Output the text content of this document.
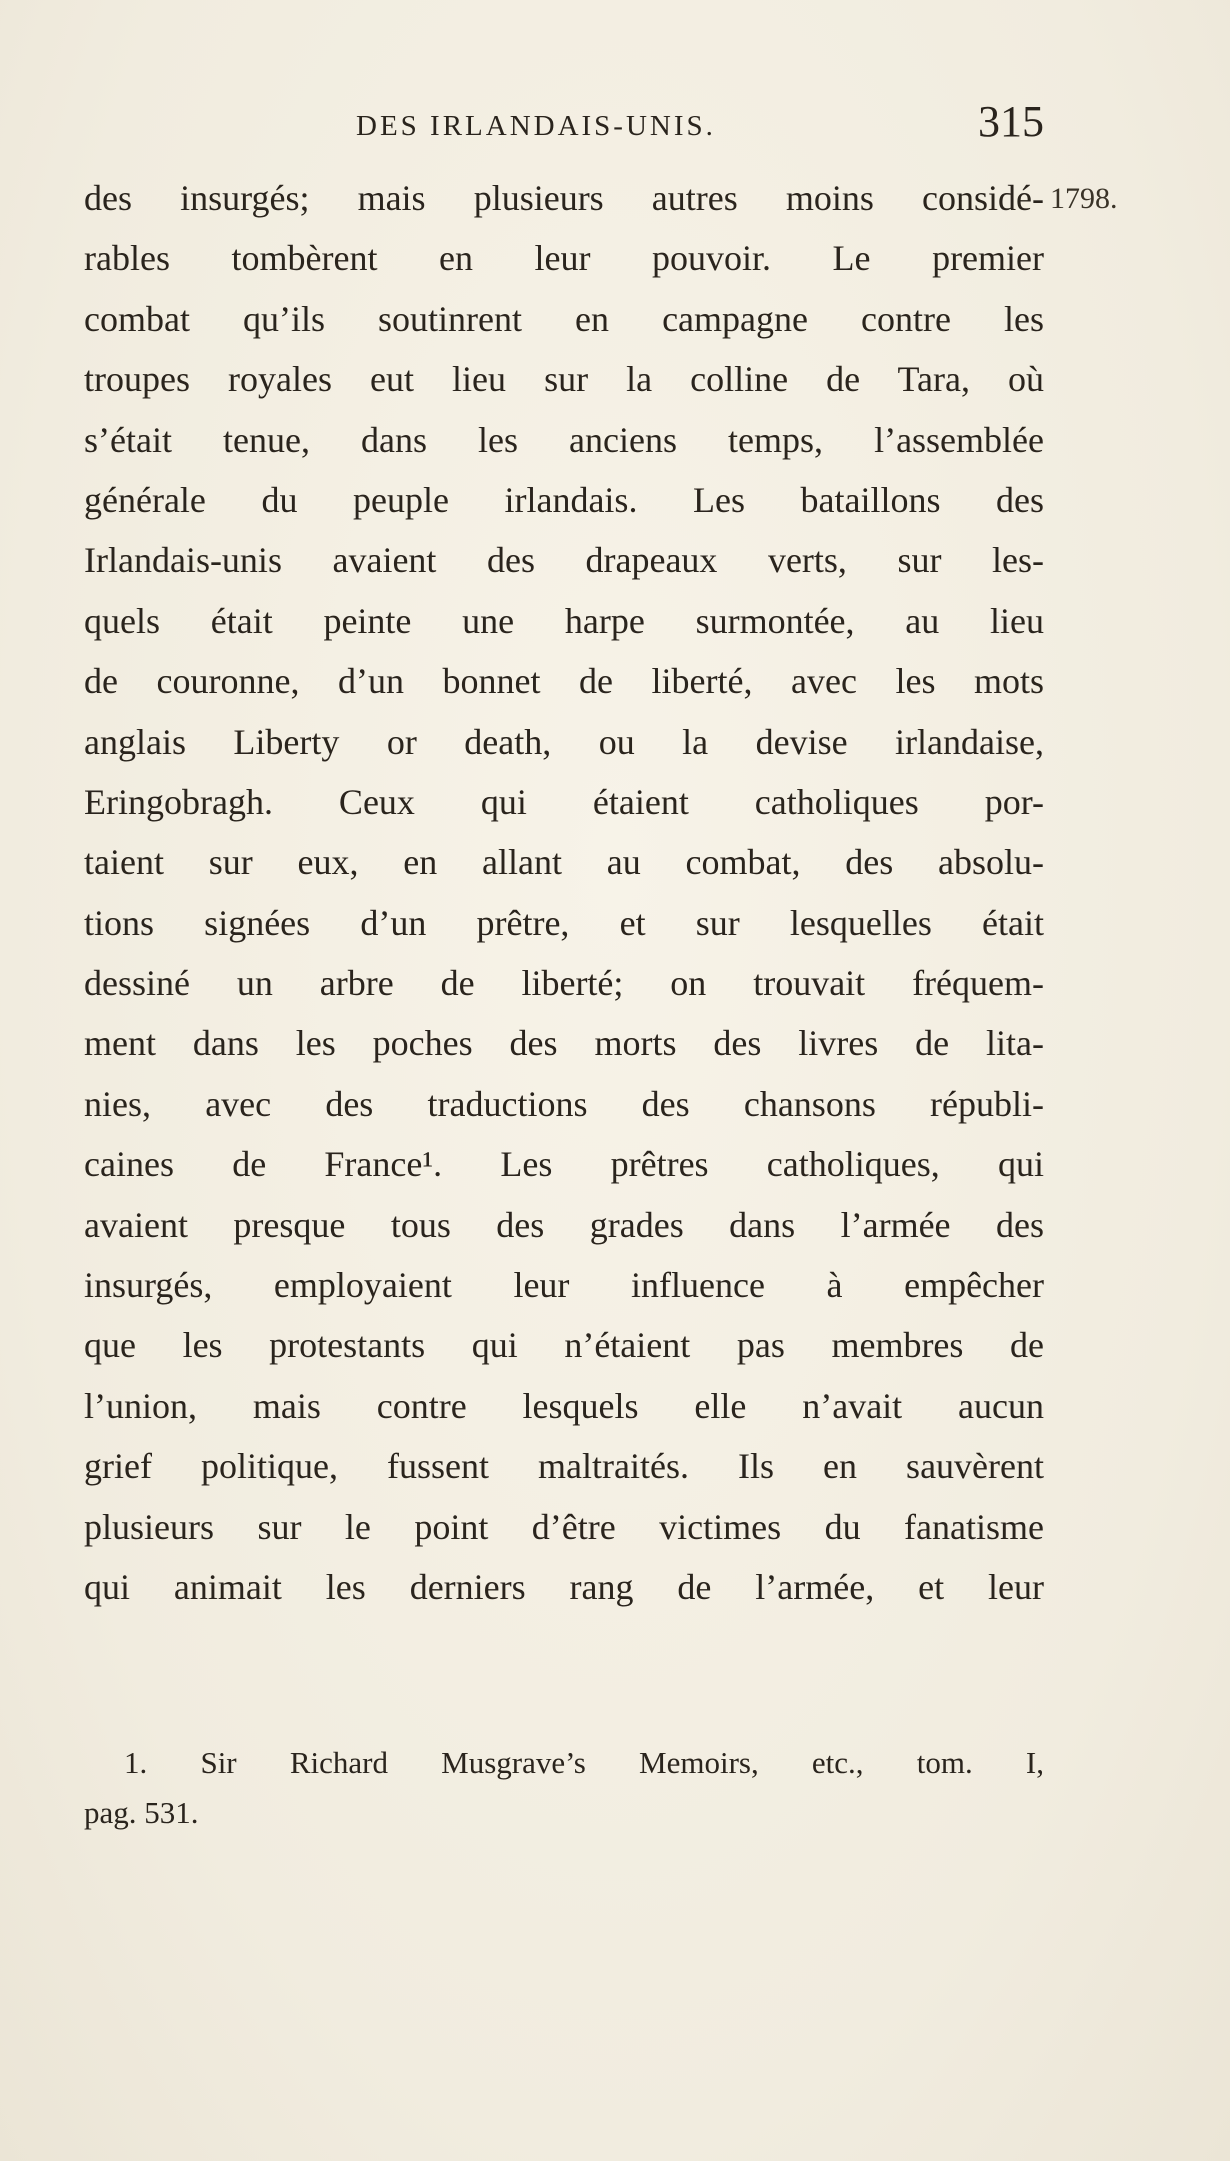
DES IRLANDAIS-UNIS.	315
1798.
des insurgés; mais plusieurs autres moins considé-
rables tombèrent en leur pouvoir. Le premier
combat qu’ils soutinrent en campagne contre les
troupes royales eut lieu sur la colline de Tara, où
s’était tenue, dans les anciens temps, l’assemblée
générale du peuple irlandais. Les bataillons des
Irlandais-unis avaient des drapeaux verts, sur les-
quels était peinte une harpe surmontée, au lieu
de couronne, d’un bonnet de liberté, avec les mots
anglais Liberty or death, ou la devise irlandaise,
Eringobragh. Ceux qui étaient catholiques por-
taient sur eux, en allant au combat, des absolu-
tions signées d’un prêtre, et sur lesquelles était
dessiné un arbre de liberté; on trouvait fréquem-
ment dans les poches des morts des livres de lita-
nies, avec des traductions des chansons républi-
caines de France¹. Les prêtres catholiques, qui
avaient presque tous des grades dans l’armée des
insurgés, employaient leur influence à empêcher
que les protestants qui n’étaient pas membres de
l’union, mais contre lesquels elle n’avait aucun
grief politique, fussent maltraités. Ils en sauvèrent
plusieurs sur le point d’être victimes du fanatisme
qui animait les derniers rang de l’armée, et leur
1. Sir Richard Musgrave’s Memoirs, etc., tom. I,
pag. 531.
